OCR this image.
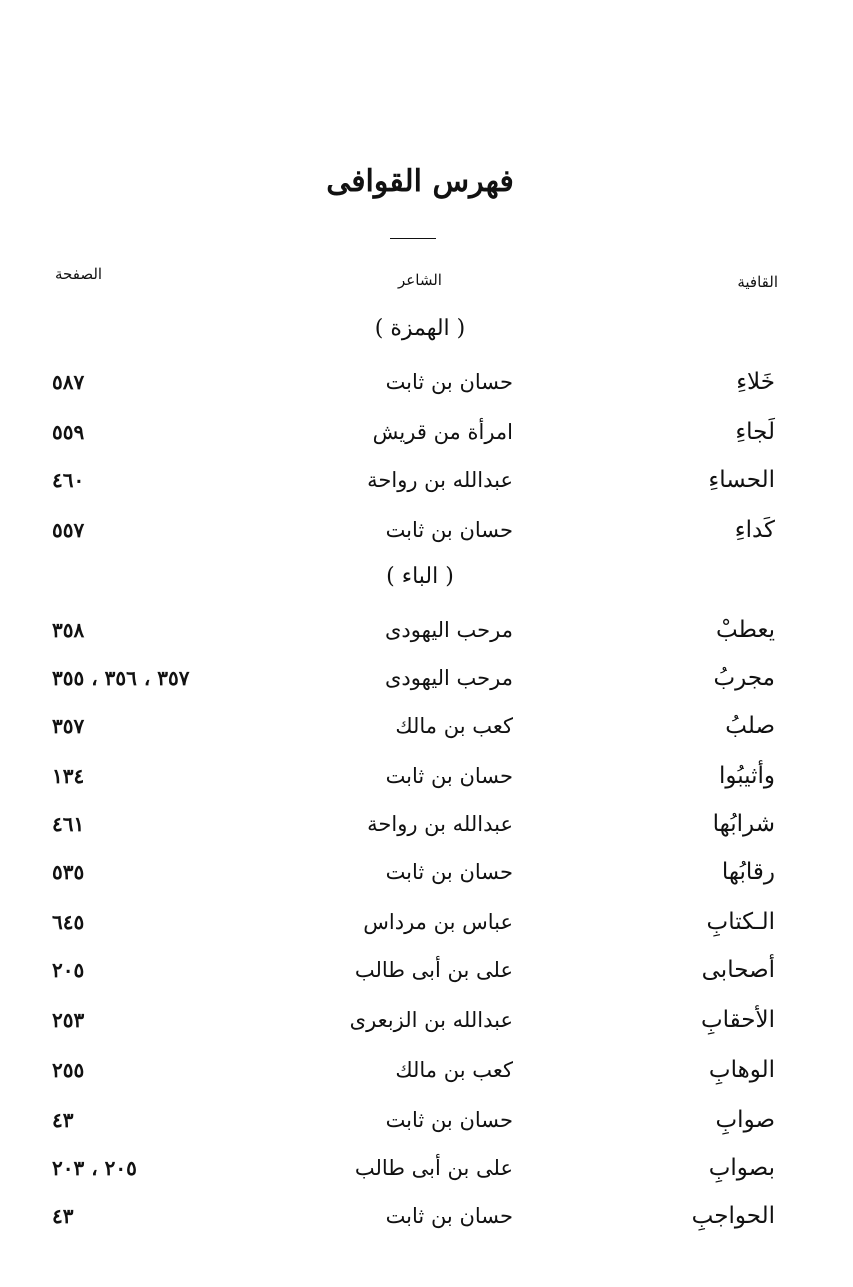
فهرس القوافى
القافية
الشاعر
الصفحة
( الهمزة )
خَلاءِ
حسان بن ثابت
٥٨٧
لَجاءِ
امرأة من قريش
٥٥٩
الحساءِ
عبدالله بن رواحة
٤٦٠
كَداءِ
حسان بن ثابت
٥٥٧
( الباء )
يعطبْ
مرحب اليهودى
٣٥٨
مجربُ
مرحب اليهودى
٣٥٧ ، ٣٥٦ ، ٣٥٥
صلبُ
كعب بن مالك
٣٥٧
وأثيبُوا
حسان بن ثابت
١٣٤
شرابُها
عبدالله بن رواحة
٤٦١
رقابُها
حسان بن ثابت
٥٣٥
الـكتابِ
عباس بن مرداس
٦٤٥
أصحابى
على بن أبى طالب
٢٠٥
الأحقابِ
عبدالله بن الزبعرى
٢٥٣
الوهابِ
كعب بن مالك
٢٥٥
صوابِ
حسان بن ثابت
٤٣
بصوابِ
على بن أبى طالب
٢٠٥ ، ٢٠٣
الحواجبِ
حسان بن ثابت
٤٣
